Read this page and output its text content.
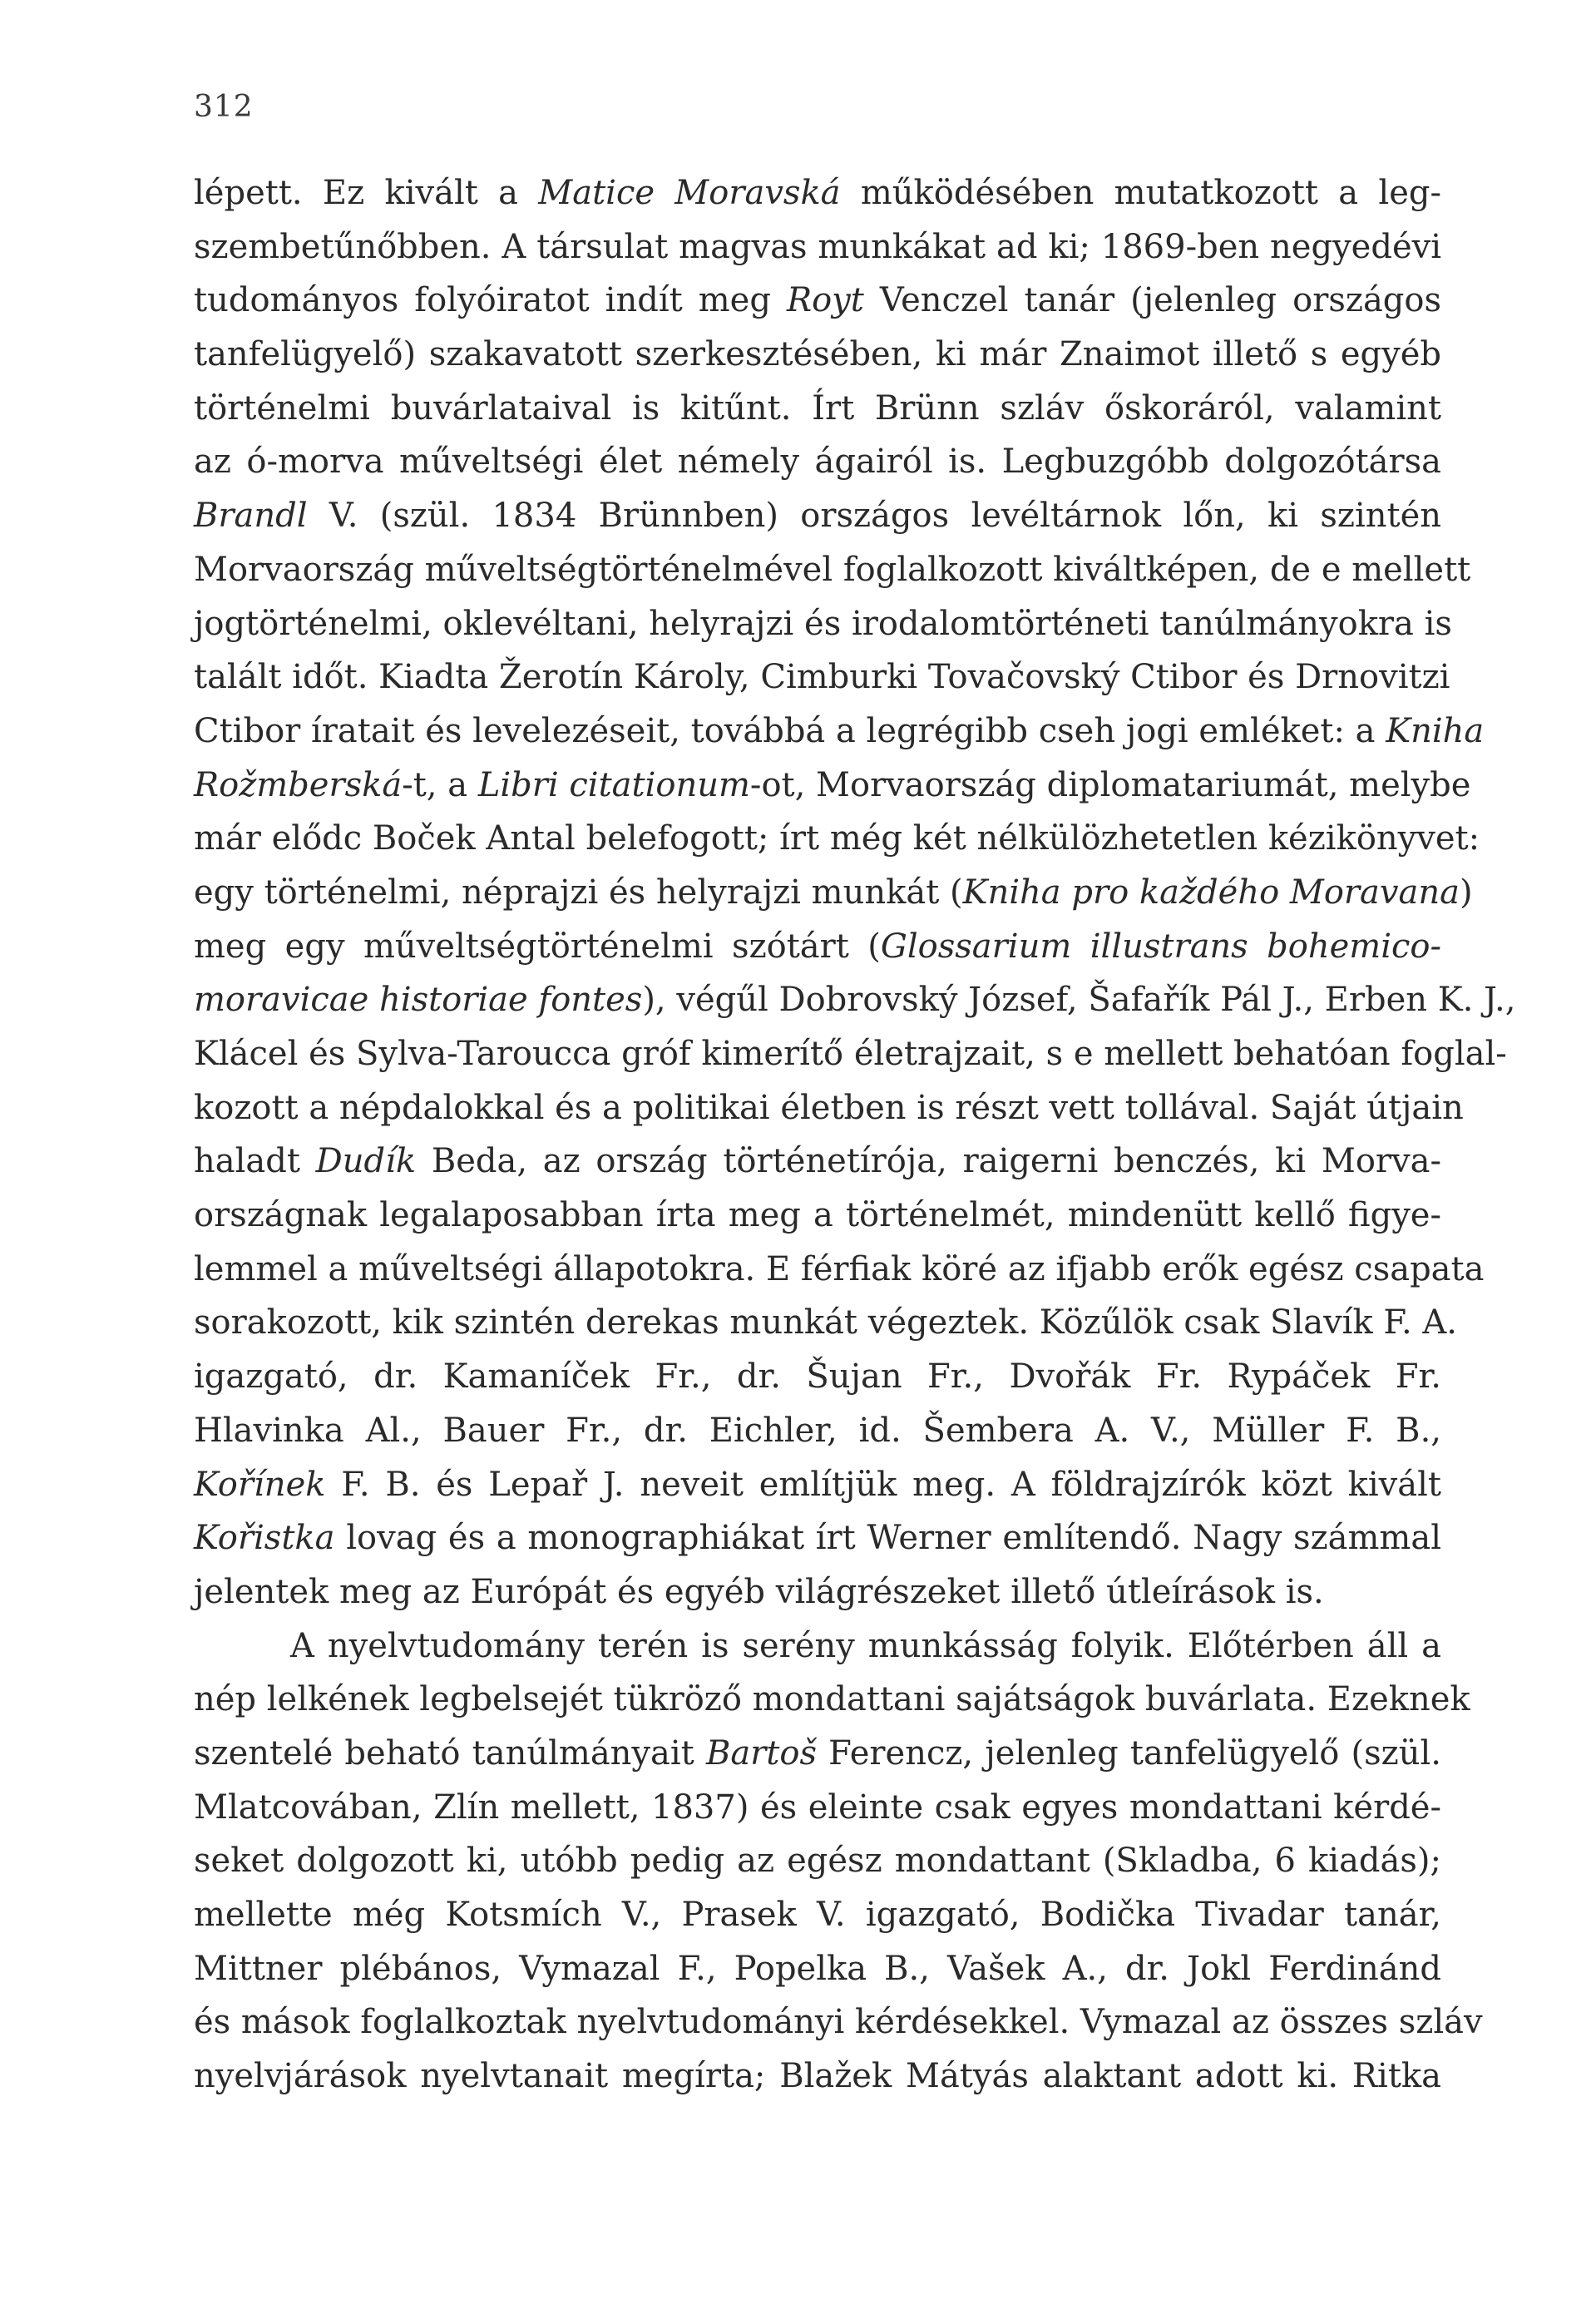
312
lépett. Ez kivált a Matice Moravská működésében mutatkozott a leg-
szembetűnőbben. A társulat magvas munkákat ad ki; 1869-ben negyedévi
tudományos folyóiratot indít meg Royt Venczel tanár (jelenleg országos
tanfelügyelő) szakavatott szerkesztésében, ki már Znaimot illető s egyéb
történelmi buvárlataival is kitűnt. Írt Brünn szláv őskoráról, valamint
az ó-morva műveltségi élet némely ágairól is. Legbuzgóbb dolgozótársa
Brandl V. (szül. 1834 Brünnben) országos levéltárnok lőn, ki szintén
Morvaország műveltségtörténelmével foglalkozott kiváltképen, de e mellett
jogtörténelmi, oklevéltani, helyrajzi és irodalomtörténeti tanúlmányokra is
talált időt. Kiadta Žerotín Károly, Cimburki Tovačovský Ctibor és Drnovitzi
Ctibor íratait és levelezéseit, továbbá a legrégibb cseh jogi emléket: a Kniha
Rožmberská-t, a Libri citationum-ot, Morvaország diplomatariumát, melybe
már elődc Boček Antal belefogott; írt még két nélkülözhetetlen kézikönyvet:
egy történelmi, néprajzi és helyrajzi munkát (Kniha pro každého Moravana)
meg egy műveltségtörténelmi szótárt (Glossarium illustrans bohemico-
moravicae historiae fontes), végűl Dobrovský József, Šafařík Pál J., Erben K. J.,
Klácel és Sylva-Taroucca gróf kimerítő életrajzait, s e mellett behatóan foglal-
kozott a népdalokkal és a politikai életben is részt vett tollával. Saját útjain
haladt Dudík Beda, az ország történetírója, raigerni benczés, ki Morva-
országnak legalaposabban írta meg a történelmét, mindenütt kellő figye-
lemmel a műveltségi állapotokra. E férfiak köré az ifjabb erők egész csapata
sorakozott, kik szintén derekas munkát végeztek. Közűlök csak Slavík F. A.
igazgató, dr. Kamaníček Fr., dr. Šujan Fr., Dvořák Fr. Rypáček Fr.
Hlavinka Al., Bauer Fr., dr. Eichler, id. Šembera A. V., Müller F. B.,
Kořínek F. B. és Lepař J. neveit említjük meg. A földrajzírók közt kivált
Kořistka lovag és a monographiákat írt Werner említendő. Nagy számmal
jelentek meg az Európát és egyéb világrészeket illető útleírások is.
A nyelvtudomány terén is serény munkásság folyik. Előtérben áll a
nép lelkének legbelsejét tükröző mondattani sajátságok buvárlata. Ezeknek
szentelé beható tanúlmányait Bartoš Ferencz, jelenleg tanfelügyelő (szül.
Mlatcovában, Zlín mellett, 1837) és eleinte csak egyes mondattani kérdé-
seket dolgozott ki, utóbb pedig az egész mondattant (Skladba, 6 kiadás);
mellette még Kotsmích V., Prasek V. igazgató, Bodička Tivadar tanár,
Mittner plébános, Vymazal F., Popelka B., Vašek A., dr. Jokl Ferdinánd
és mások foglalkoztak nyelvtudományi kérdésekkel. Vymazal az összes szláv
nyelvjárások nyelvtanait megírta; Blažek Mátyás alaktant adott ki. Ritka
